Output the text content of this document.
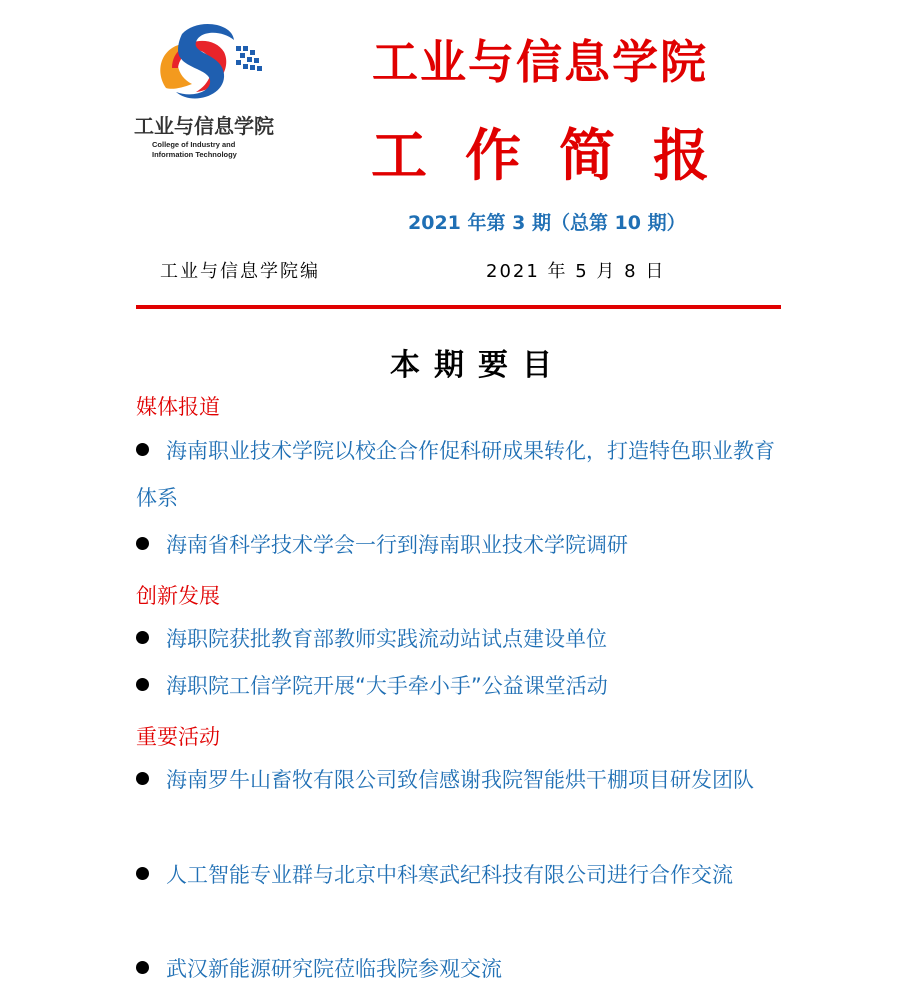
工业与信息学院
College of Industry and
Information Technology
工业与信息学院
工作简报
2021 年第 3 期（总第 10 期）
工业与信息学院编	2021 年 5 月 8 日
本期要目
媒体报道
海南职业技术学院以校企合作促科研成果转化，打造特色职业教育体系
海南省科学技术学会一行到海南职业技术学院调研
创新发展
海职院获批教育部教师实践流动站试点建设单位
海职院工信学院开展“大手牵小手”公益课堂活动
重要活动
海南罗牛山畜牧有限公司致信感谢我院智能烘干棚项目研发团队
人工智能专业群与北京中科寒武纪科技有限公司进行合作交流
武汉新能源研究院莅临我院参观交流
